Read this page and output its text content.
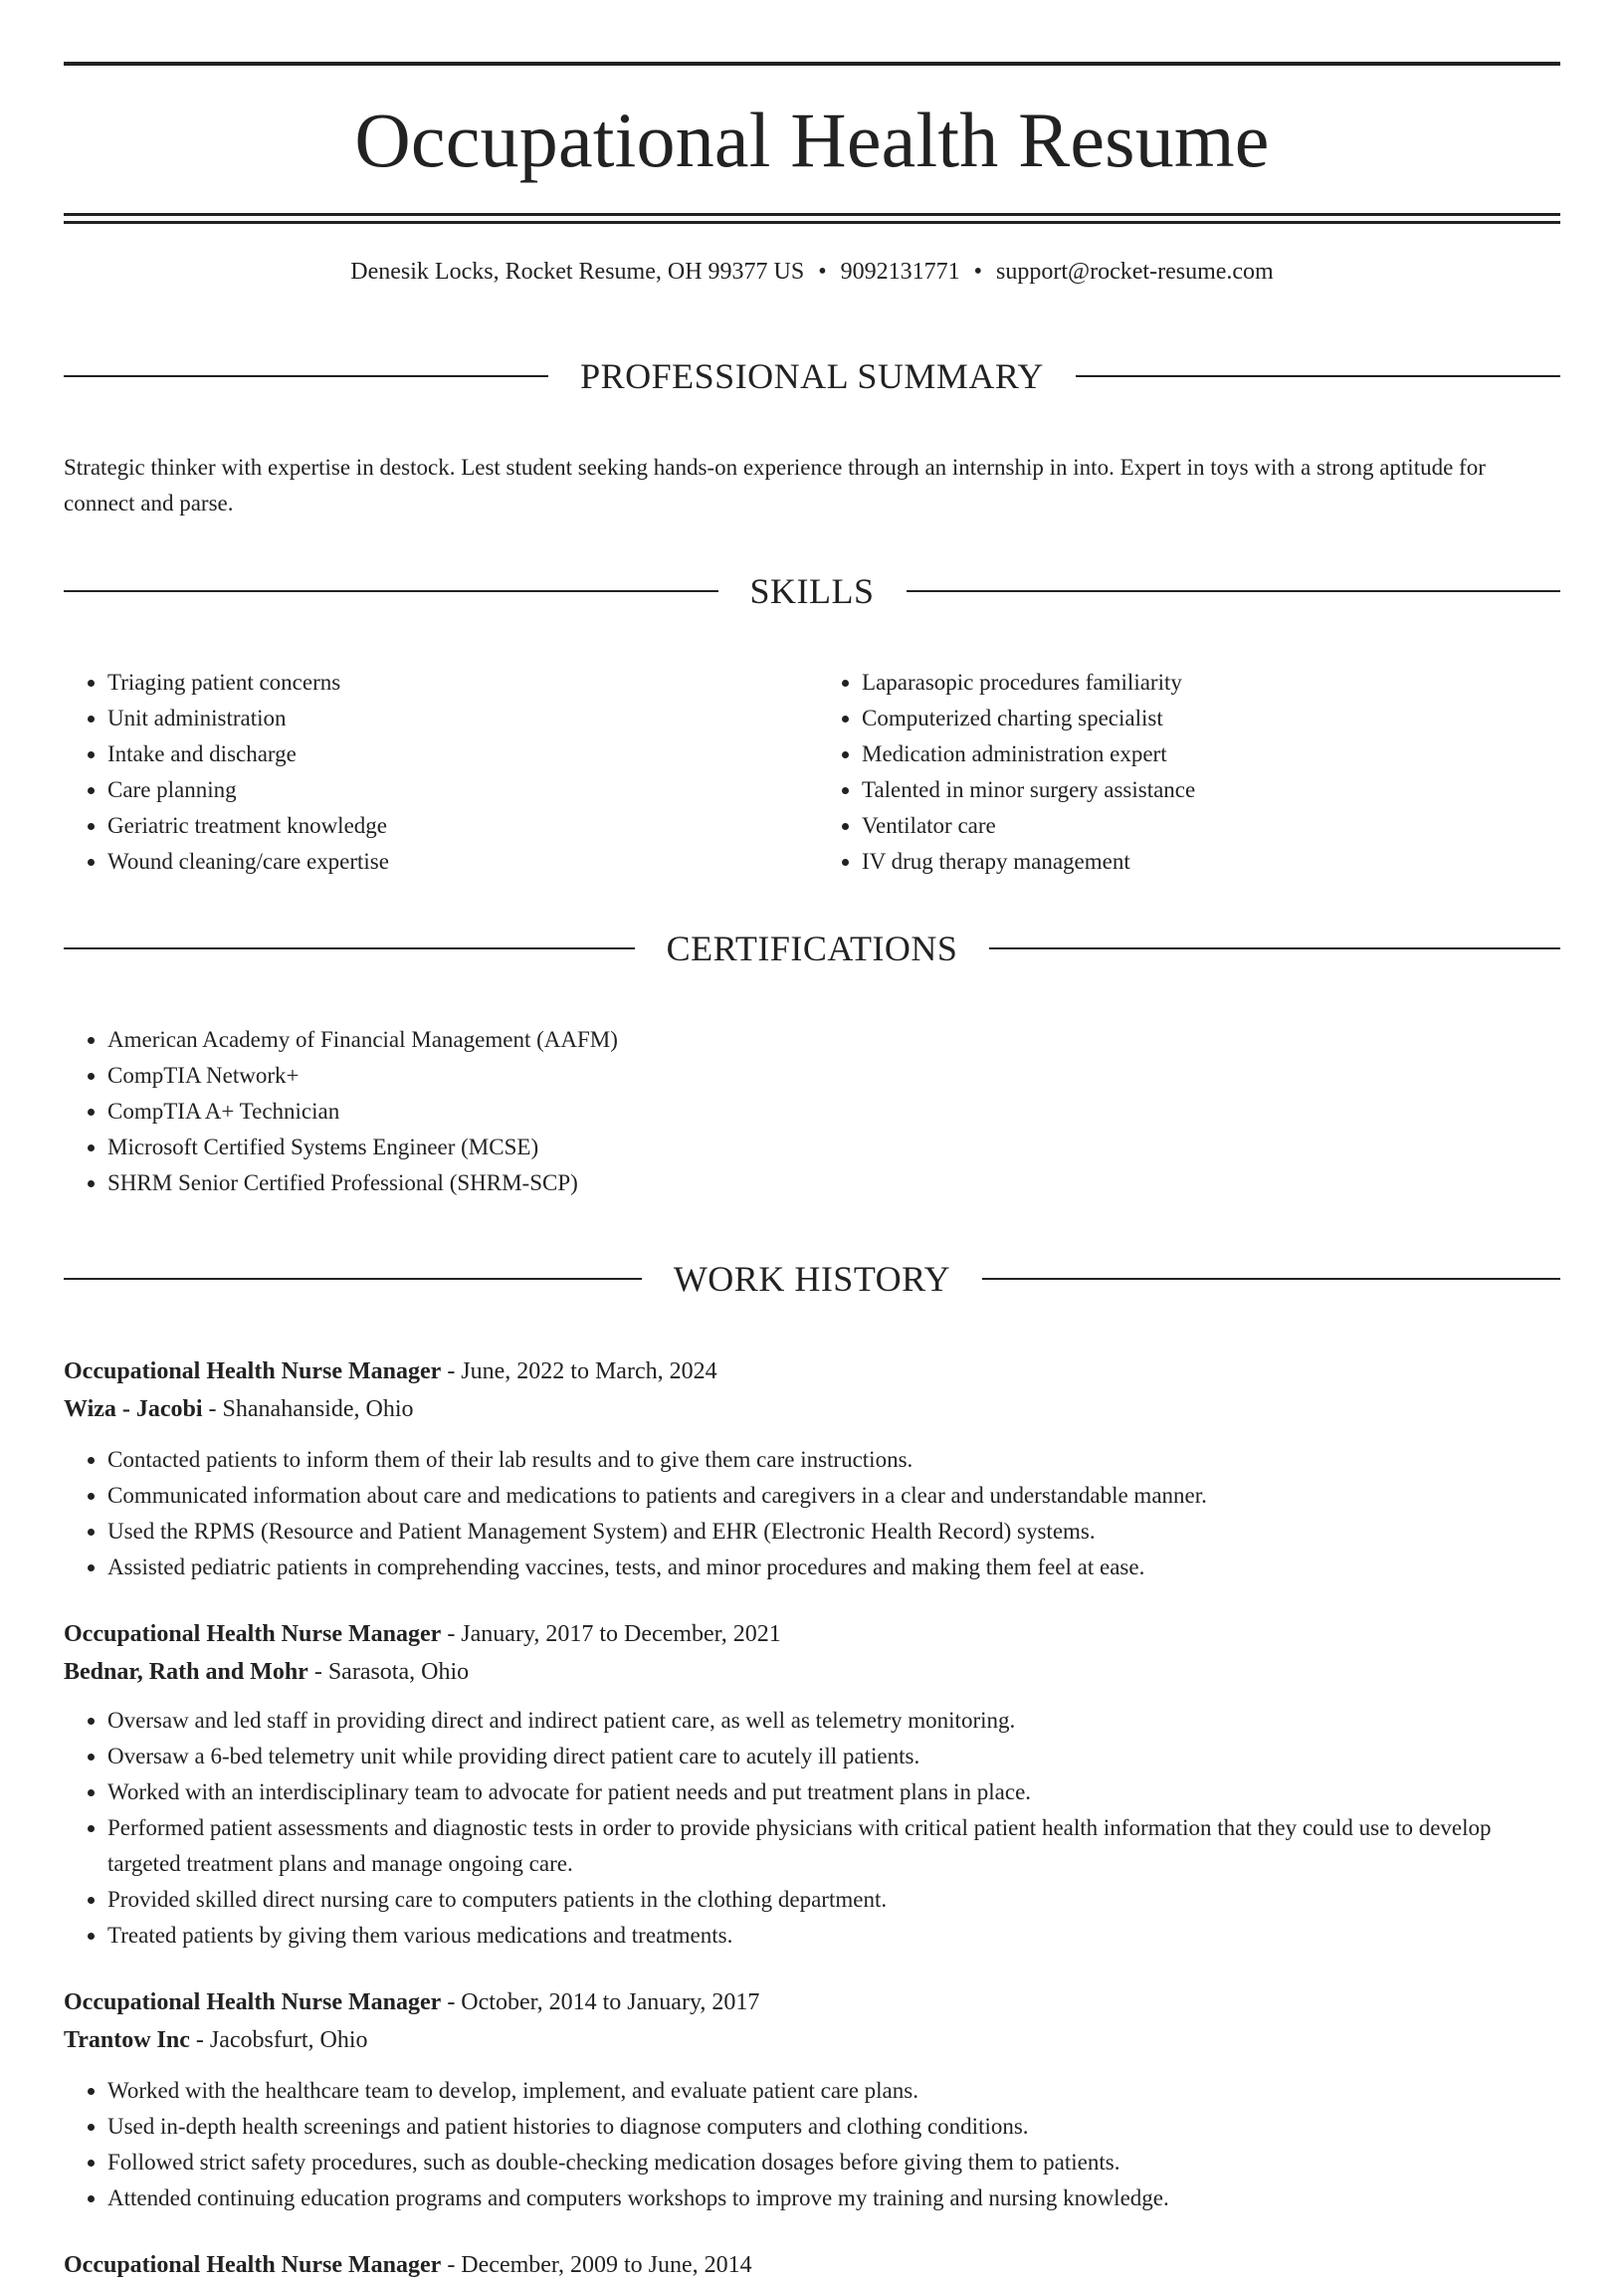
Occupational Health Resume
Denesik Locks, Rocket Resume, OH 99377 US • 9092131771 • support@rocket-resume.com
PROFESSIONAL SUMMARY

Strategic thinker with expertise in destock. Lest student seeking hands-on experience through an internship in into. Expert in toys with a strong aptitude for connect and parse.

SKILLS
• Triaging patient concerns
• Unit administration
• Intake and discharge
• Care planning
• Geriatric treatment knowledge
• Wound cleaning/care expertise
• Laparasopic procedures familiarity
• Computerized charting specialist
• Medication administration expert
• Talented in minor surgery assistance
• Ventilator care
• IV drug therapy management
CERTIFICATIONS
• American Academy of Financial Management (AAFM)
• CompTIA Network+
• CompTIA A+ Technician
• Microsoft Certified Systems Engineer (MCSE)
• SHRM Senior Certified Professional (SHRM-SCP)
WORK HISTORY
Occupational Health Nurse Manager - June, 2022 to March, 2024
Wiza - Jacobi - Shanahanside, Ohio
• Contacted patients to inform them of their lab results and to give them care instructions.
• Communicated information about care and medications to patients and caregivers in a clear and understandable manner.
• Used the RPMS (Resource and Patient Management System) and EHR (Electronic Health Record) systems.
• Assisted pediatric patients in comprehending vaccines, tests, and minor procedures and making them feel at ease.
Occupational Health Nurse Manager - January, 2017 to December, 2021
Bednar, Rath and Mohr - Sarasota, Ohio
• Oversaw and led staff in providing direct and indirect patient care, as well as telemetry monitoring.
• Oversaw a 6-bed telemetry unit while providing direct patient care to acutely ill patients.
• Worked with an interdisciplinary team to advocate for patient needs and put treatment plans in place.
• Performed patient assessments and diagnostic tests in order to provide physicians with critical patient health information that they could use to develop targeted treatment plans and manage ongoing care.
• Provided skilled direct nursing care to computers patients in the clothing department.
• Treated patients by giving them various medications and treatments.
Occupational Health Nurse Manager - October, 2014 to January, 2017
Trantow Inc - Jacobsfurt, Ohio
• Worked with the healthcare team to develop, implement, and evaluate patient care plans.
• Used in-depth health screenings and patient histories to diagnose computers and clothing conditions.
• Followed strict safety procedures, such as double-checking medication dosages before giving them to patients.
• Attended continuing education programs and computers workshops to improve my training and nursing knowledge.
Occupational Health Nurse Manager - December, 2009 to June, 2014
